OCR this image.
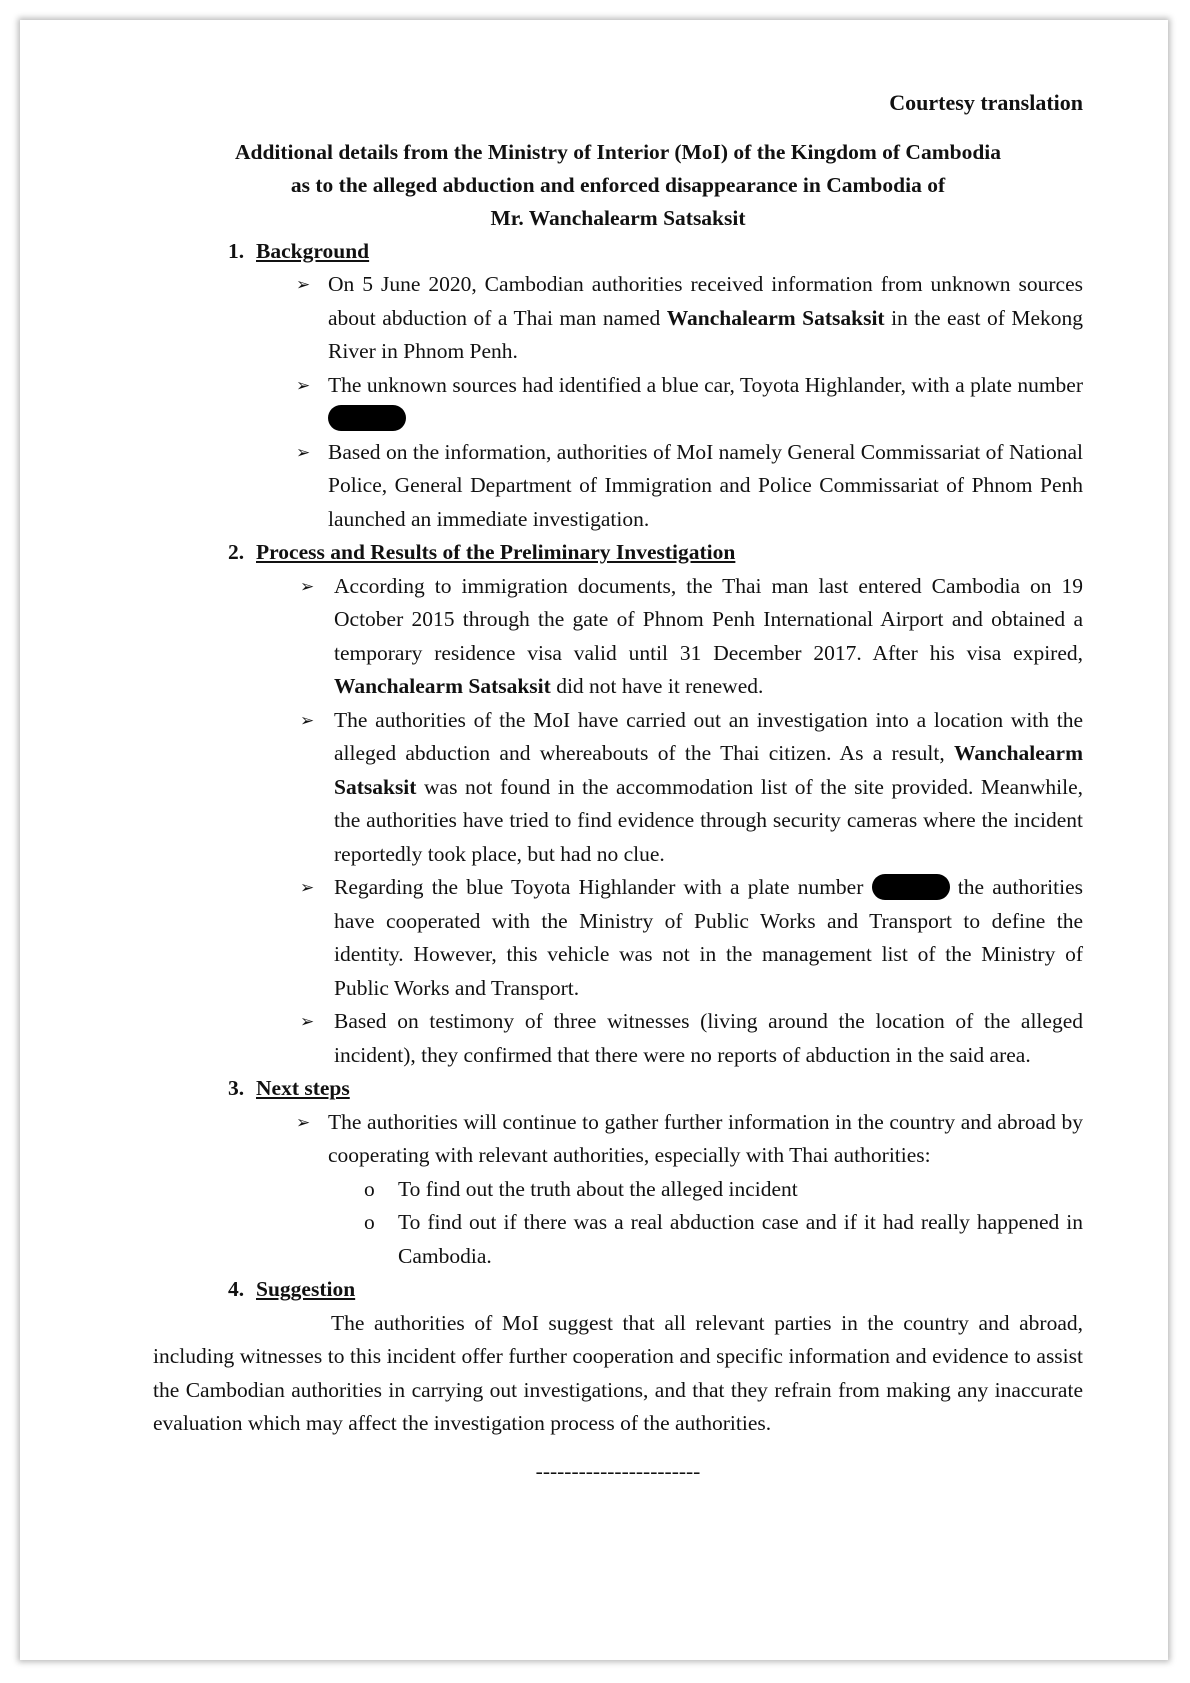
Courtesy translation
Additional details from the Ministry of Interior (MoI) of the Kingdom of Cambodia
as to the alleged abduction and enforced disappearance in Cambodia of
Mr. Wanchalearm Satsaksit
1. Background
➢ On 5 June 2020, Cambodian authorities received information from unknown sources about abduction of a Thai man named Wanchalearm Satsaksit in the east of Mekong River in Phnom Penh.
➢ The unknown sources had identified a blue car, Toyota Highlander, with a plate number
➢ Based on the information, authorities of MoI namely General Commissariat of National Police, General Department of Immigration and Police Commissariat of Phnom Penh launched an immediate investigation.
2. Process and Results of the Preliminary Investigation
➢ According to immigration documents, the Thai man last entered Cambodia on 19 October 2015 through the gate of Phnom Penh International Airport and obtained a temporary residence visa valid until 31 December 2017. After his visa expired, Wanchalearm Satsaksit did not have it renewed.
➢ The authorities of the MoI have carried out an investigation into a location with the alleged abduction and whereabouts of the Thai citizen. As a result, Wanchalearm Satsaksit was not found in the accommodation list of the site provided. Meanwhile, the authorities have tried to find evidence through security cameras where the incident reportedly took place, but had no clue.
➢ Regarding the blue Toyota Highlander with a plate number	the authorities have cooperated with the Ministry of Public Works and Transport to define the identity. However, this vehicle was not in the management list of the Ministry of Public Works and Transport.
➢ Based on testimony of three witnesses (living around the location of the alleged incident), they confirmed that there were no reports of abduction in the said area.
3. Next steps
➢ The authorities will continue to gather further information in the country and abroad by cooperating with relevant authorities, especially with Thai authorities:
o To find out the truth about the alleged incident
o To find out if there was a real abduction case and if it had really happened in Cambodia.
4. Suggestion
The authorities of MoI suggest that all relevant parties in the country and abroad, including witnesses to this incident offer further cooperation and specific information and evidence to assist the Cambodian authorities in carrying out investigations, and that they refrain from making any inaccurate evaluation which may affect the investigation process of the authorities.
-----------------------
